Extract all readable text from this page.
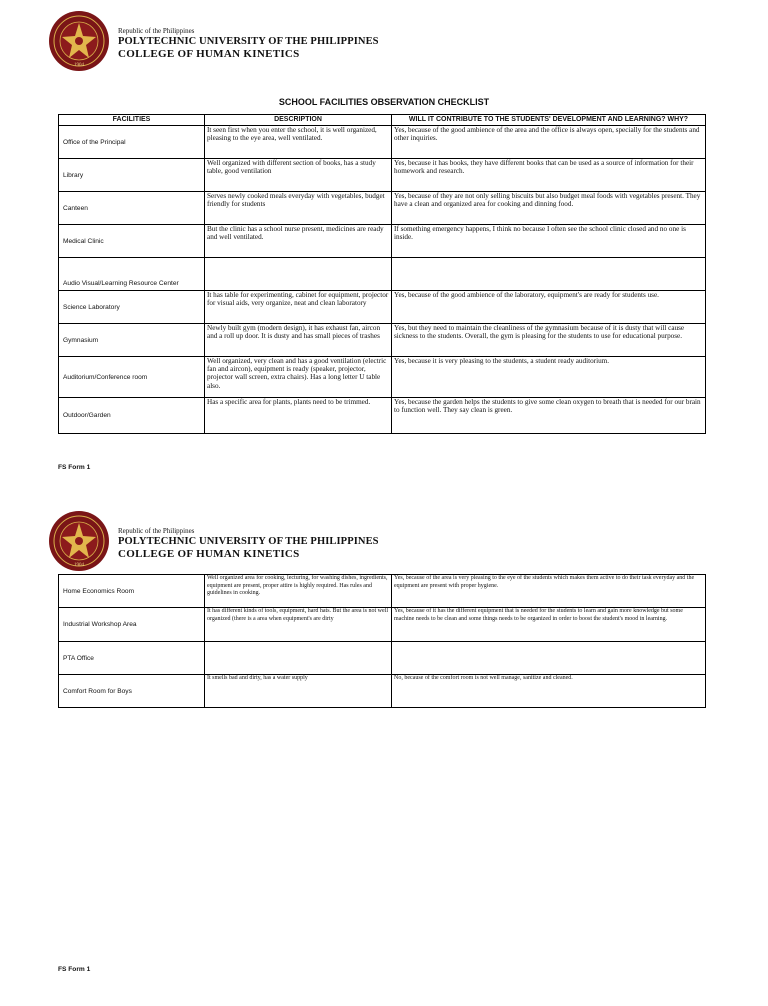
1904
Republic of the Philippines
POLYTECHNIC UNIVERSITY OF THE PHILIPPINES
COLLEGE OF HUMAN KINETICS
SCHOOL FACILITIES OBSERVATION CHECKLIST
FACILITIES	DESCRIPTION	WILL IT CONTRIBUTE TO THE STUDENTS' DEVELOPMENT AND LEARNING? WHY?
Office of the Principal	It seen first when you enter the school, it is well organized, pleasing to the eye area, well ventilated.	Yes, because of the good ambience of the area and the office is always open, specially for the students and other inquiries.
Library	Well organized with different section of books, has a study table, good ventilation	Yes, because it has books, they have different books that can be used as a source of information for their homework and research.
Canteen	Serves newly cooked meals everyday with vegetables, budget friendly for students	Yes, because of they are not only selling biscuits but also budget meal foods with vegetables present. They have a clean and organized area for cooking and dinning food.
Medical Clinic	But the clinic has a school nurse present, medicines are ready and well ventilated.	If something emergency happens, I think no because I often see the school clinic closed and no one is inside.
Audio Visual/Learning Resource Center		
Science Laboratory	It has table for experimenting, cabinet for equipment, projector for visual aids, very organize, neat and clean laboratory	Yes, because of the good ambience of the laboratory, equipment's are ready for students use.
Gymnasium	Newly built gym (modern design), it has exhaust fan, aircon and a roll up door. It is dusty and has small pieces of trashes	Yes, but they need to maintain the cleanliness of the gymnasium because of it is dusty that will cause sickness to the students. Overall, the gym is pleasing for the students to use for educational purpose.
Auditorium/Conference room	Well organized, very clean and has a good ventilation (electric fan and aircon), equipment is ready (speaker, projector, projector wall screen, extra chairs). Has a long letter U table also.	Yes, because it is very pleasing to the students, a student ready auditorium.
Outdoor/Garden	Has a specific area for plants, plants need to be trimmed.	Yes, because the garden helps the students to give some clean oxygen to breath that is needed for our brain to function well. They say clean is green.
FS Form 1
1904
Republic of the Philippines
POLYTECHNIC UNIVERSITY OF THE PHILIPPINES
COLLEGE OF HUMAN KINETICS
Home Economics Room	Well organized area for cooking, lecturing, for washing dishes, ingredients, equipment are present, proper attire is highly required. Has rules and guidelines in cooking.	Yes, because of the area is very pleasing to the eye of the students which makes them active to do their task everyday and the equipment are present with proper hygiene.
Industrial Workshop Area	It has different kinds of tools, equipment, hard hats. But the area is not well organized (there is a area when equipment's are dirty	Yes, because of it has the different equipment that is needed for the students to learn and gain more knowledge but some machine needs to be clean and some things needs to be organized in order to boost the student's mood in learning.
PTA Office		
Comfort Room for Boys	It smells bad and dirty, has a water supply	No, because of the comfort room is not well manage, sanitize and cleaned.
FS Form 1
